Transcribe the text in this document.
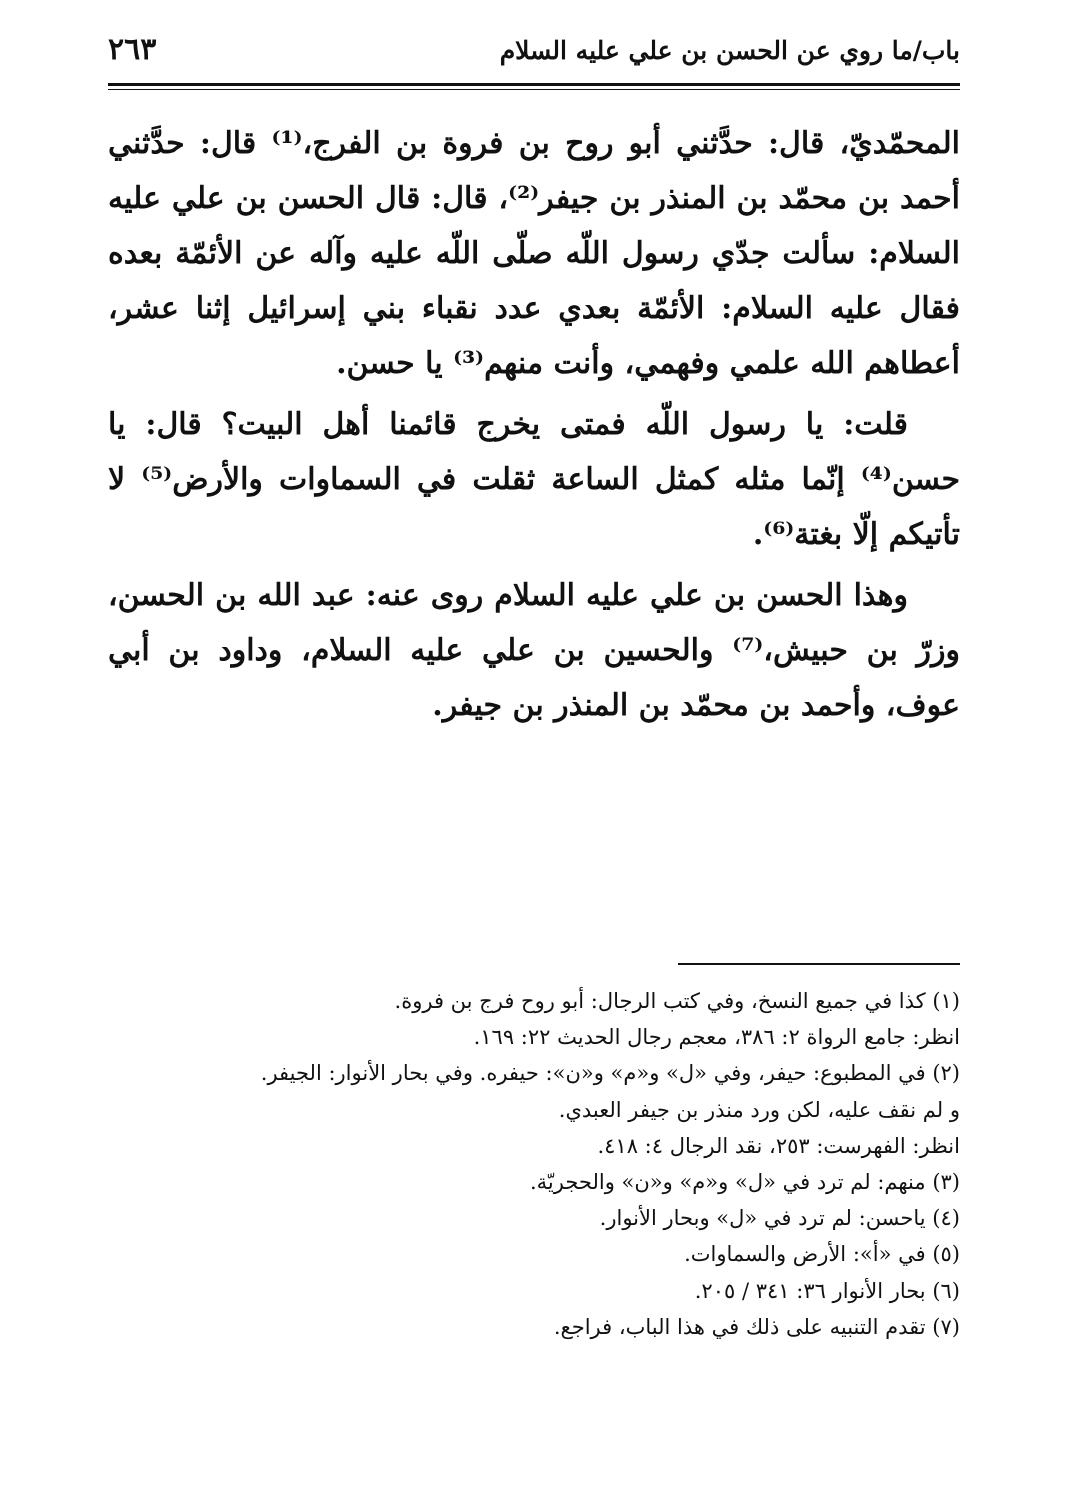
باب/ما روي عن الحسن بن علي عليه السلام
٢٦٣

المحمّديّ، قال: حدَّثني أبو روح بن فروة بن الفرج،⁽¹⁾ قال: حدَّثني أحمد بن محمّد بن المنذر بن جيفر⁽²⁾، قال: قال الحسن بن علي عليه السلام: سألت جدّي رسول اللّه صلّى اللّه عليه وآله عن الأئمّة بعده فقال عليه السلام: الأئمّة بعدي عدد نقباء بني إسرائيل إثنا عشر، أعطاهم الله علمي وفهمي، وأنت منهم⁽³⁾ يا حسن.

قلت: يا رسول اللّه فمتى يخرج قائمنا أهل البيت؟ قال: يا حسن⁽⁴⁾ إنّما مثله كمثل الساعة ثقلت في السماوات والأرض⁽⁵⁾ لا تأتيكم إلّا بغتة⁽⁶⁾.

وهذا الحسن بن علي عليه السلام روى عنه: عبد الله بن الحسن، وزرّ بن حبيش،⁽⁷⁾ والحسين بن علي عليه السلام، وداود بن أبي عوف، وأحمد بن محمّد بن المنذر بن جيفر.

(١) كذا في جميع النسخ، وفي كتب الرجال: أبو روح فرج بن فروة.
انظر: جامع الرواة ٢: ٣٨٦، معجم رجال الحديث ٢٢: ١٦٩.
(٢) في المطبوع: حيفر، وفي «ل» و«م» و«ن»: حيفره. وفي بحار الأنوار: الجيفر.
و لم نقف عليه، لكن ورد منذر بن جيفر العبدي.
انظر: الفهرست: ٢٥٣، نقد الرجال ٤: ٤١٨.
(٣) منهم: لم ترد في «ل» و«م» و«ن» والحجريّة.
(٤) ياحسن: لم ترد في «ل» وبحار الأنوار.
(٥) في «أ»: الأرض والسماوات.
(٦) بحار الأنوار ٣٦: ٣٤١ / ٢٠٥.
(٧) تقدم التنبيه على ذلك في هذا الباب، فراجع.
